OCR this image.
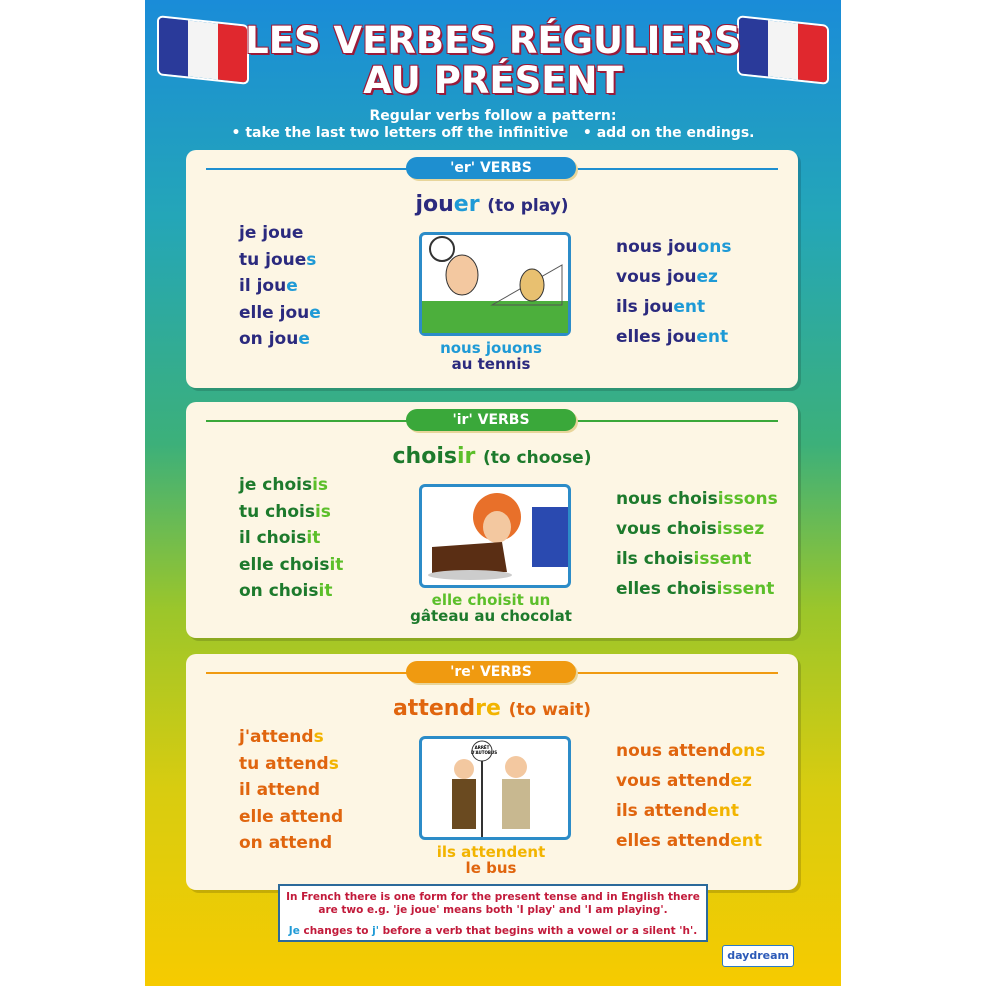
LES VERBES RÉGULIERS
AU PRÉSENT
Regular verbs follow a pattern:
• take the last two letters off the infinitive • add on the endings.
'er' VERBS
jouer (to play)
je joue
tu joues
il joue
elle joue
on joue
nous jouons
vous jouez
ils jouent
elles jouent
nous jouons
au tennis
'ir' VERBS
choisir (to choose)
je choisis
tu choisis
il choisit
elle choisit
on choisit
nous choisissons
vous choisissez
ils choisissent
elles choisissent
elle choisit un
gâteau au chocolat
're' VERBS
attendre (to wait)
j'attends
tu attends
il attend
elle attend
on attend
ARRÊT D'AUTOBUS	nous attendons
vous attendez
ils attendent
elles attendent
ils attendent
le bus
In French there is one form for the present tense and in English there
are two e.g. 'je joue' means both 'I play' and 'I am playing'.
Je changes to j' before a verb that begins with a vowel or a silent 'h'.
daydream
